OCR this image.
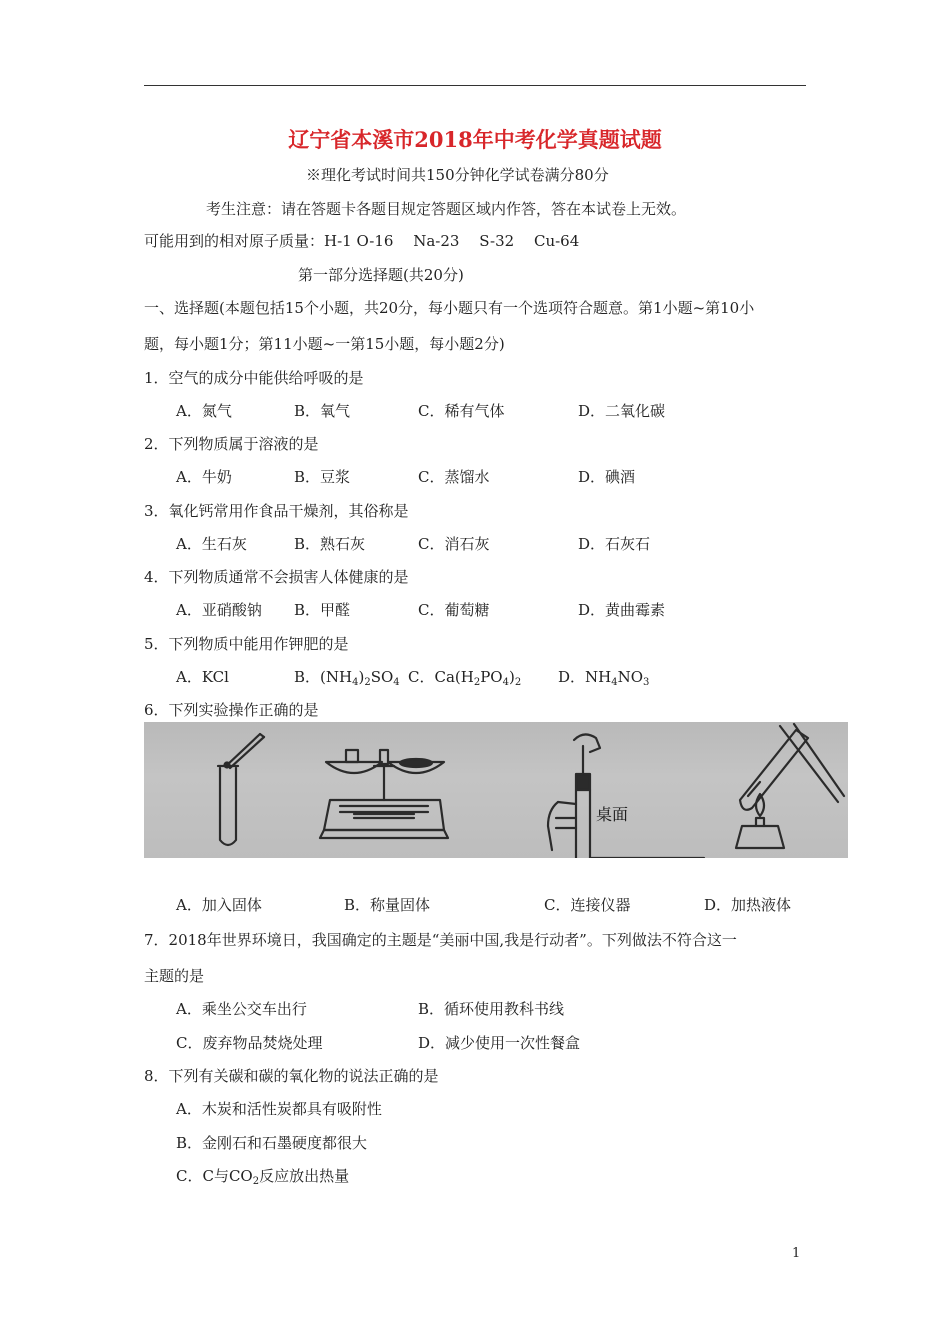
辽宁省本溪市2018年中考化学真题试题
※理化考试时间共150分钟化学试卷满分80分
考生注意：请在答题卡各题目规定答题区域内作答，答在本试卷上无效。
可能用到的相对原子质量：H-1 O-16　 Na-23　 S-32　 Cu-64
第一部分选择题(共20分)
一、选择题(本题包括15个小题，共20分，每小题只有一个选项符合题意。第1小题~第10小
题，每小题1分；第11小题~一第15小题，每小题2分)
1．空气的成分中能供给呼吸的是
A．氮气	B．氧气	C．稀有气体	D．二氧化碳
2．下列物质属于溶液的是
A．牛奶	B．豆浆	C．蒸馏水	D．碘酒
3．氧化钙常用作食品干燥剂，其俗称是
A．生石灰	B．熟石灰	C．消石灰	D．石灰石
4．下列物质通常不会损害人体健康的是
A．亚硝酸钠 B．甲醛	C．葡萄糖	D．黄曲霉素
5．下列物质中能用作钾肥的是
A．KCl	B．$(NH_4)_2SO_4$ C．$Ca(H_2PO_4)_2$ D．$NH_4NO_3$
6．下列实验操作正确的是
桌面
A．加入固体	B．称量固体	C．连接仪器	D．加热液体
7．2018年世界环境日，我国确定的主题是“美丽中国,我是行动者”。下列做法不符合这一
主题的是
A．乘坐公交车出行	B．循环使用教科书线
C．废弃物品焚烧处理	D．减少使用一次性餐盒
8．下列有关碳和碳的氧化物的说法正确的是
A．木炭和活性炭都具有吸附性
B．金刚石和石墨硬度都很大
C．C与$CO_2$反应放出热量
1
